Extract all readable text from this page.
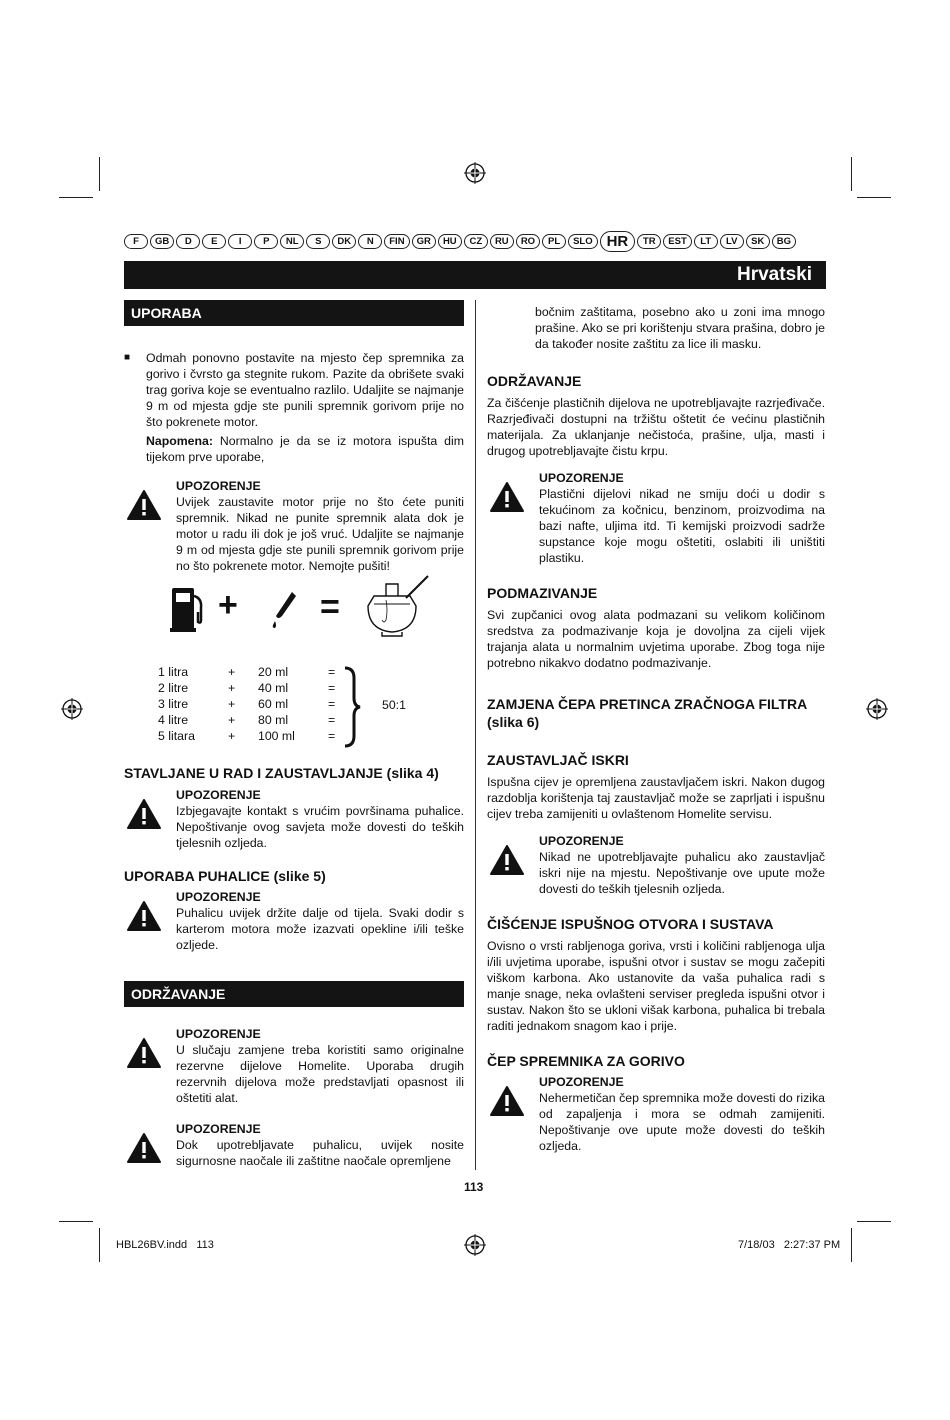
F	GB	D	E	I	P	NL	S	DK	N	FIN	GR	HU	CZ	RU	RO	PL	SLO HR	TR	EST	LT	LV	SK	BG
Hrvatski
UPORABA
■	Odmah ponovno postavite na mjesto čep spremnika za gorivo i čvrsto ga stegnite rukom. Pazite da obrišete svaki trag goriva koje se eventualno razlilo. Udaljite se najmanje 9 m od mjesta gdje ste punili spremnik gorivom prije no što pokrenete motor.

Napomena: Normalno je da se iz motora ispušta dim tijekom prve uporabe,

UPOZORENJE

Uvijek zaustavite motor prije no što ćete puniti spremnik. Nikad ne punite spremnik alata dok je motor u radu ili dok je još vruć. Udaljite se najmanje 9 m od mjesta gdje ste punili spremnik gorivom prije no što pokrenete motor. Nemojte pušiti!

+ =
1 litra	+	20 ml	=
2 litre	+	40 ml	=
3 litre	+	60 ml	=
4 litre	+	80 ml	=
5 litara	+	100 ml	=
50:1
STAVLJANE U RAD I ZAUSTAVLJANJE (slika 4)
UPOZORENJE

Izbjegavajte kontakt s vrućim površinama puhalice. Nepoštivanje ovog savjeta može dovesti do teških tjelesnih ozljeda.

UPORABA PUHALICE (slike 5)
UPOZORENJE

Puhalicu uvijek držite dalje od tijela. Svaki dodir s karterom motora može izazvati opekline i/ili teške ozljede.

ODRŽAVANJE
UPOZORENJE

U slučaju zamjene treba koristiti samo originalne rezervne dijelove Homelite. Uporaba drugih rezervnih dijelova može predstavljati opasnost ili oštetiti alat.

UPOZORENJE

Dok upotrebljavate puhalicu, uvijek nosite sigurnosne naočale ili zaštitne naočale opremljene

bočnim zaštitama, posebno ako u zoni ima mnogo prašine. Ako se pri korištenju stvara prašina, dobro je da također nosite zaštitu za lice ili masku.

ODRŽAVANJE

Za čišćenje plastičnih dijelova ne upotrebljavajte razrjeđivače. Razrjeđivači dostupni na tržištu oštetit će većinu plastičnih materijala. Za uklanjanje nečistoća, prašine, ulja, masti i drugog upotrebljavajte čistu krpu.

UPOZORENJE

Plastični dijelovi nikad ne smiju doći u dodir s tekućinom za kočnicu, benzinom, proizvodima na bazi nafte, uljima itd. Ti kemijski proizvodi sadrže supstance koje mogu oštetiti, oslabiti ili uništiti plastiku.

PODMAZIVANJE

Svi zupčanici ovog alata podmazani su velikom količinom sredstva za podmazivanje koja je dovoljna za cijeli vijek trajanja alata u normalnim uvjetima uporabe. Zbog toga nije potrebno nikakvo dodatno podmazivanje.

ZAMJENA ČEPA PRETINCA ZRAČNOGA FILTRA (slika 6)
ZAUSTAVLJAČ ISKRI

Ispušna cijev je opremljena zaustavljačem iskri. Nakon dugog razdoblja korištenja taj zaustavljač može se zaprljati i ispušnu cijev treba zamijeniti u ovlaštenom Homelite servisu.

UPOZORENJE

Nikad ne upotrebljavajte puhalicu ako zaustavljač iskri nije na mjestu. Nepoštivanje ove upute može dovesti do teških tjelesnih ozljeda.

ČIŠĆENJE ISPUŠNOG OTVORA I SUSTAVA

Ovisno o vrsti rabljenoga goriva, vrsti i količini rabljenoga ulja i/ili uvjetima uporabe, ispušni otvor i sustav se mogu začepiti viškom karbona. Ako ustanovite da vaša puhalica radi s manje snage, neka ovlašteni serviser pregleda ispušni otvor i sustav. Nakon što se ukloni višak karbona, puhalica bi trebala raditi jednakom snagom kao i prije.

ČEP SPREMNIKA ZA GORIVO
UPOZORENJE

Nehermetičan čep spremnika može dovesti do rizika od zapaljenja i mora se odmah zamijeniti. Nepoštivanje ove upute može dovesti do teških ozljeda.

113
HBL26BV.indd   113	7/18/03   2:27:37 PM
